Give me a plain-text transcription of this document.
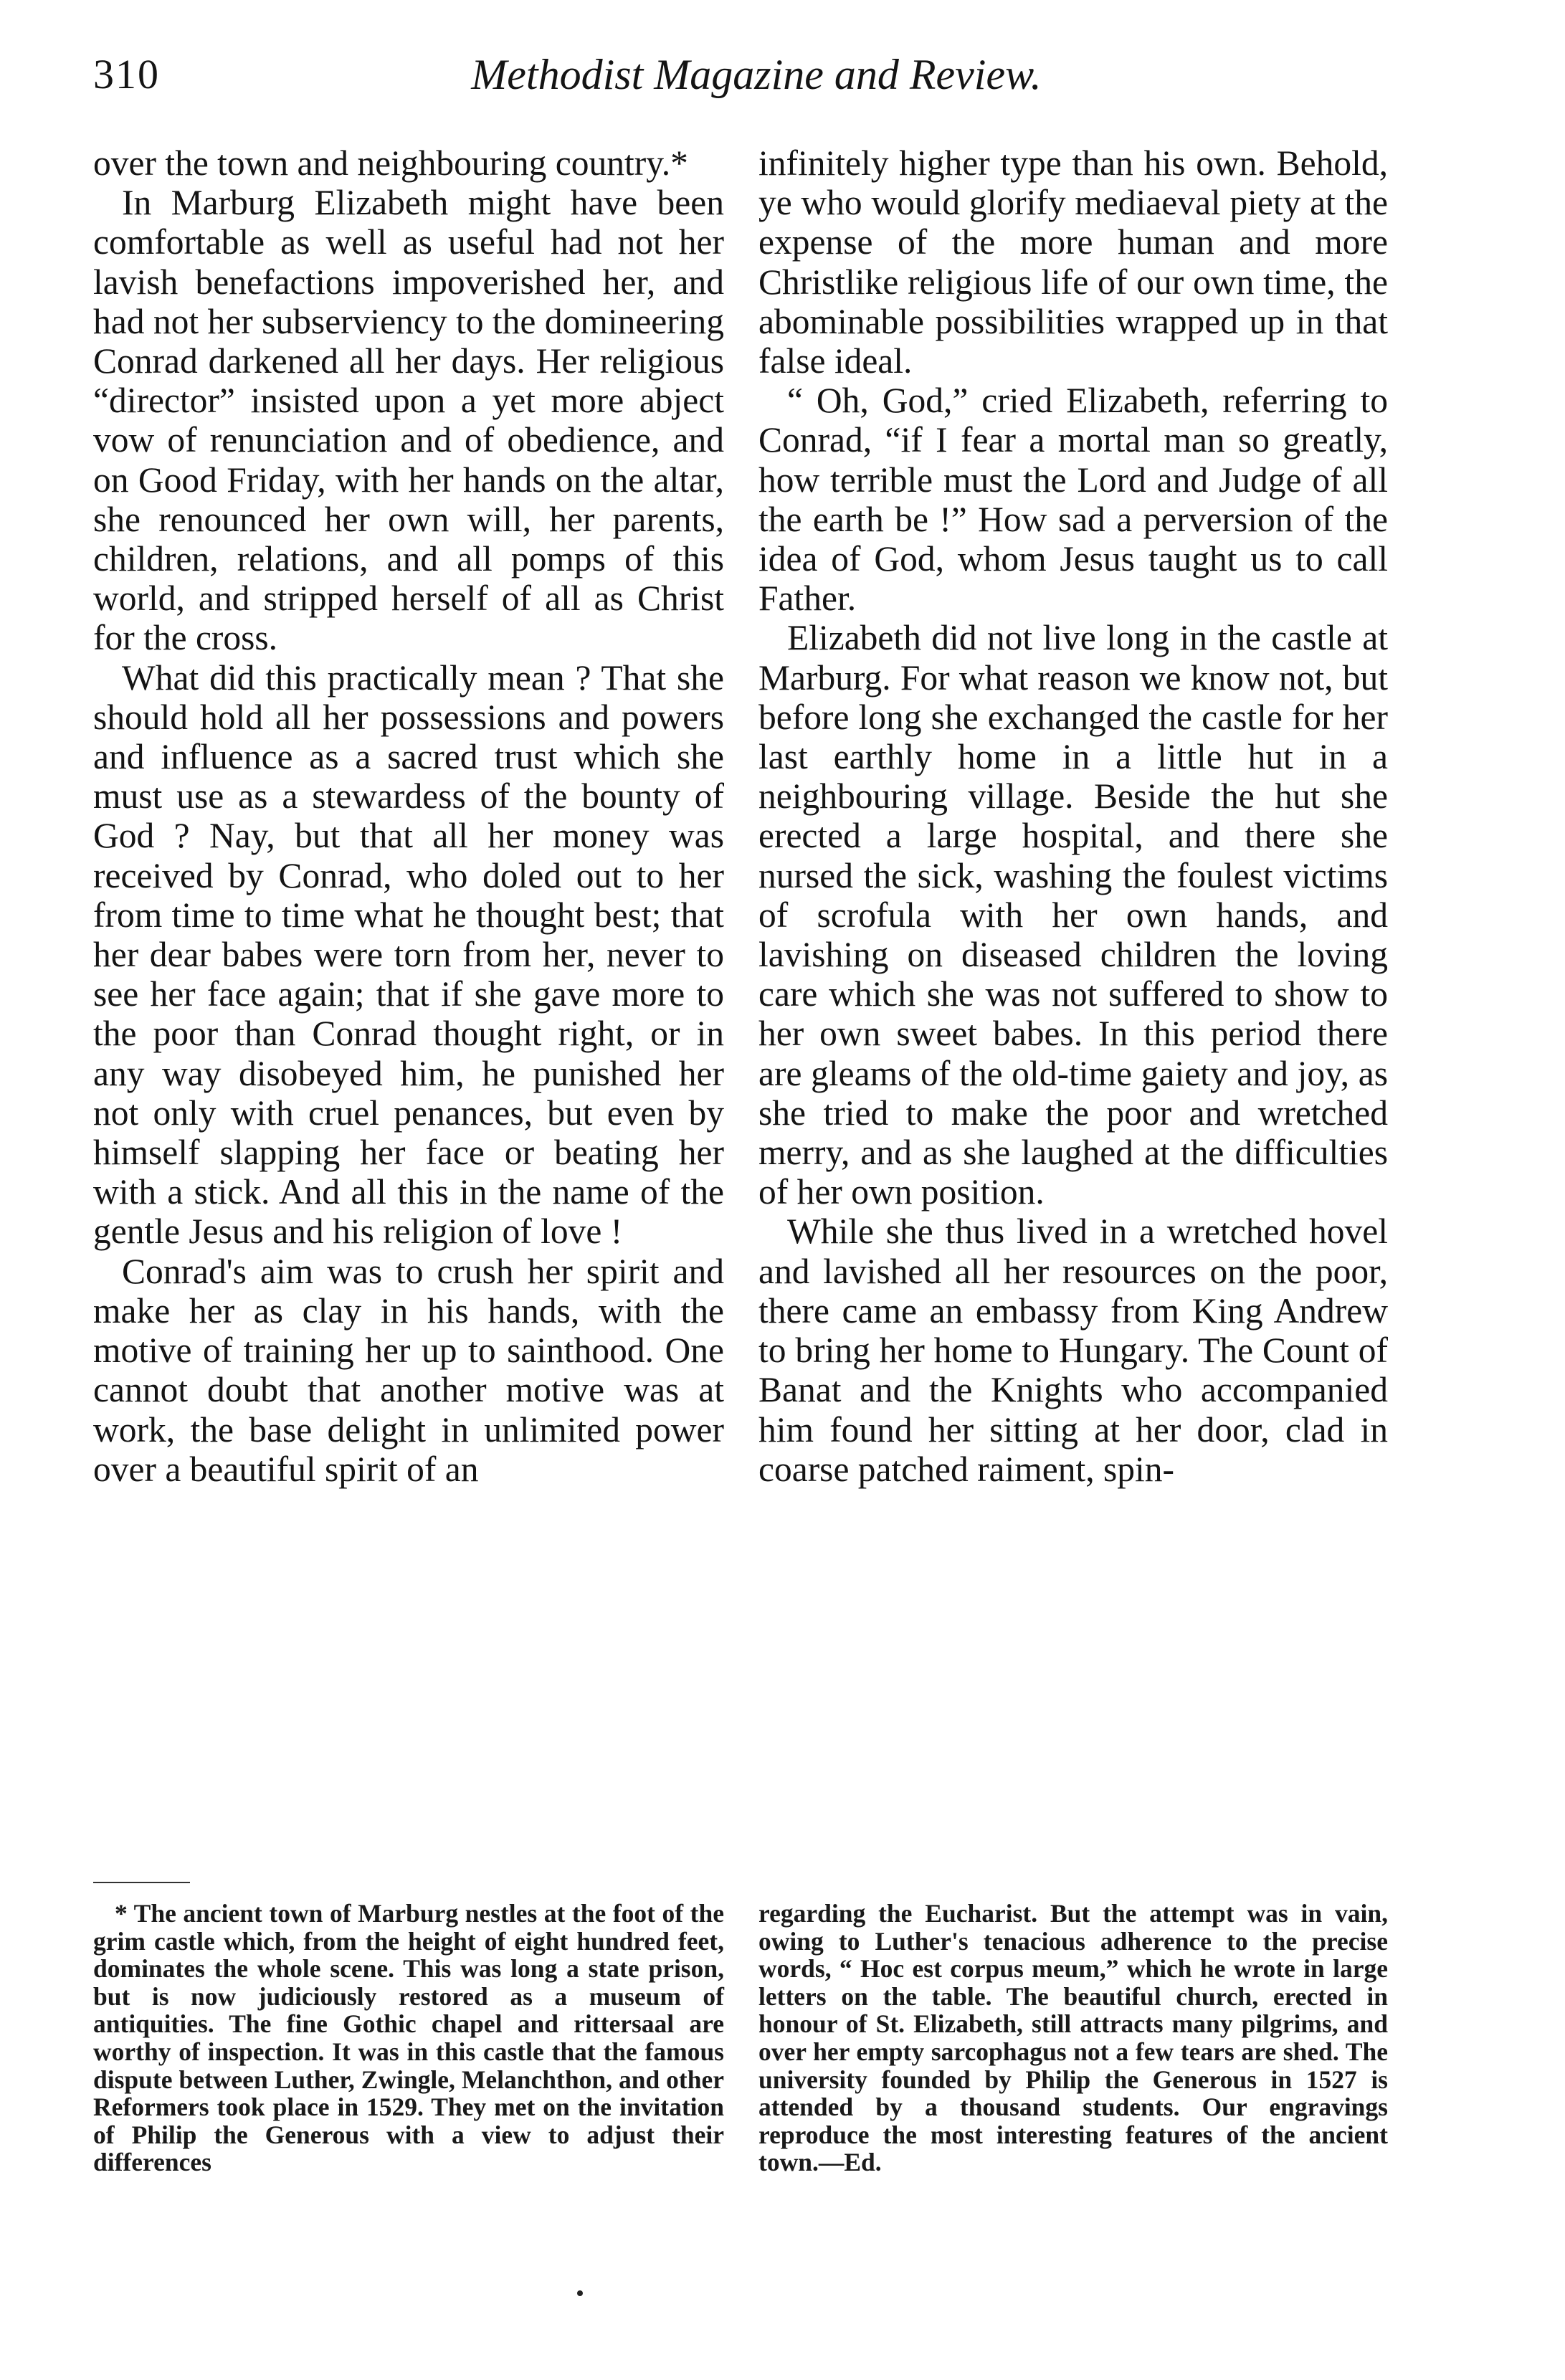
310	Methodist Magazine and Review.

over the town and neighbouring country.*

In Marburg Elizabeth might have been comfortable as well as useful had not her lavish benefactions impoverished her, and had not her subserviency to the domineering Conrad darkened all her days. Her religious “director” insisted upon a yet more abject vow of renunciation and of obedience, and on Good Friday, with her hands on the altar, she renounced her own will, her parents, children, relations, and all pomps of this world, and stripped herself of all as Christ for the cross.

What did this practically mean ? That she should hold all her possessions and powers and influence as a sacred trust which she must use as a stewardess of the bounty of God ? Nay, but that all her money was received by Conrad, who doled out to her from time to time what he thought best; that her dear babes were torn from her, never to see her face again; that if she gave more to the poor than Conrad thought right, or in any way disobeyed him, he punished her not only with cruel penances, but even by himself slapping her face or beating her with a stick. And all this in the name of the gentle Jesus and his religion of love !

Conrad's aim was to crush her spirit and make her as clay in his hands, with the motive of training her up to sainthood. One cannot doubt that another motive was at work, the base delight in unlimited power over a beautiful spirit of an

infinitely higher type than his own. Behold, ye who would glorify mediaeval piety at the expense of the more human and more Christlike religious life of our own time, the abominable possibilities wrapped up in that false ideal.

“ Oh, God,” cried Elizabeth, referring to Conrad, “if I fear a mortal man so greatly, how terrible must the Lord and Judge of all the earth be !” How sad a perversion of the idea of God, whom Jesus taught us to call Father.

Elizabeth did not live long in the castle at Marburg. For what reason we know not, but before long she exchanged the castle for her last earthly home in a little hut in a neighbouring village. Beside the hut she erected a large hospital, and there she nursed the sick, washing the foulest victims of scrofula with her own hands, and lavishing on diseased children the loving care which she was not suffered to show to her own sweet babes. In this period there are gleams of the old-time gaiety and joy, as she tried to make the poor and wretched merry, and as she laughed at the difficulties of her own position.

While she thus lived in a wretched hovel and lavished all her resources on the poor, there came an embassy from King Andrew to bring her home to Hungary. The Count of Banat and the Knights who accompanied him found her sitting at her door, clad in coarse patched raiment, spin-

* The ancient town of Marburg nestles at the foot of the grim castle which, from the height of eight hundred feet, dominates the whole scene. This was long a state prison, but is now judiciously restored as a museum of antiquities. The fine Gothic chapel and rittersaal are worthy of inspection. It was in this castle that the famous dispute between Luther, Zwingle, Melanchthon, and other Reformers took place in 1529. They met on the invitation of Philip the Generous with a view to adjust their differences

regarding the Eucharist. But the attempt was in vain, owing to Luther's tenacious adherence to the precise words, “ Hoc est corpus meum,” which he wrote in large letters on the table. The beautiful church, erected in honour of St. Elizabeth, still attracts many pilgrims, and over her empty sarcophagus not a few tears are shed. The university founded by Philip the Generous in 1527 is attended by a thousand students. Our engravings reproduce the most interesting features of the ancient town.—Ed.
